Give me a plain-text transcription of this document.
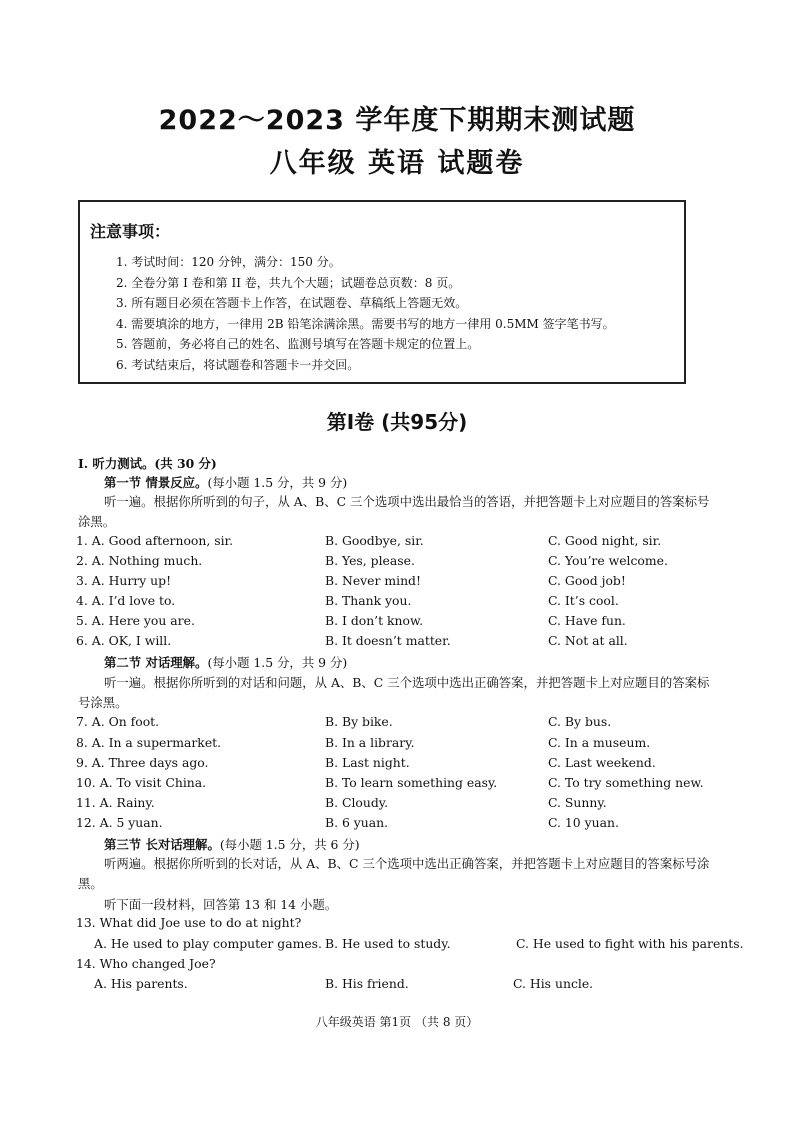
2022～2023 学年度下期期末测试题
八年级 英语 试题卷
注意事项：
1. 考试时间：120 分钟，满分：150 分。
2. 全卷分第 I 卷和第 II 卷，共九个大题；试题卷总页数：8 页。
3. 所有题目必须在答题卡上作答，在试题卷、草稿纸上答题无效。
4. 需要填涂的地方，一律用 2B 铅笔涂满涂黑。需要书写的地方一律用 0.5MM 签字笔书写。
5. 答题前，务必将自己的姓名、监测号填写在答题卡规定的位置上。
6. 考试结束后，将试题卷和答题卡一并交回。
第Ⅰ卷 (共95分)
I. 听力测试。(共 30 分)
第一节 情景反应。(每小题 1.5 分，共 9 分)
听一遍。根据你所听到的句子，从 A、B、C 三个选项中选出最恰当的答语，并把答题卡上对应题目的答案标号涂黑。
1. A. Good afternoon, sir.	B. Goodbye, sir.	C. Good night, sir.
2. A. Nothing much.	B. Yes, please.	C. You’re welcome.
3. A. Hurry up!	B. Never mind!	C. Good job!
4. A. I’d love to.	B. Thank you.	C. It’s cool.
5. A. Here you are.	B. I don’t know.	C. Have fun.
6. A. OK, I will.	B. It doesn’t matter.	C. Not at all.
第二节 对话理解。(每小题 1.5 分，共 9 分)
听一遍。根据你所听到的对话和问题，从 A、B、C 三个选项中选出正确答案，并把答题卡上对应题目的答案标号涂黑。
7. A. On foot.	B. By bike.	C. By bus.
8. A. In a supermarket.	B. In a library.	C. In a museum.
9. A. Three days ago.	B. Last night.	C. Last weekend.
10. A. To visit China.	B. To learn something easy.	C. To try something new.
11. A. Rainy.	B. Cloudy.	C. Sunny.
12. A. 5 yuan.	B. 6 yuan.	C. 10 yuan.
第三节 长对话理解。(每小题 1.5 分，共 6 分)
听两遍。根据你所听到的长对话，从 A、B、C 三个选项中选出正确答案，并把答题卡上对应题目的答案标号涂黑。
听下面一段材料，回答第 13 和 14 小题。
13. What did Joe use to do at night?
A. He used to play computer games. B. He used to study.	C. He used to fight with his parents.
14. Who changed Joe?
A. His parents.	B. His friend.	C. His uncle.
八年级英语 第1页 （共 8 页）
